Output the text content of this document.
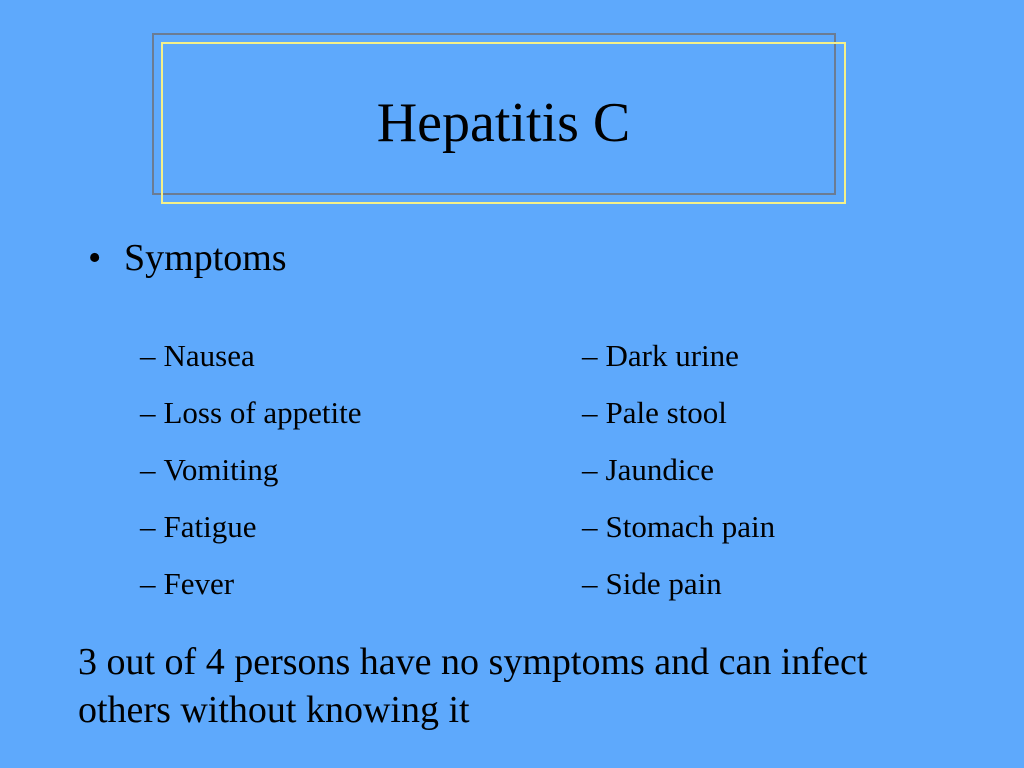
Hepatitis C
• Symptoms
– Nausea
– Loss of appetite
– Vomiting
– Fatigue
– Fever
– Dark urine
– Pale stool
– Jaundice
– Stomach pain
– Side pain
3 out of 4 persons have no symptoms and can infect others without knowing it
